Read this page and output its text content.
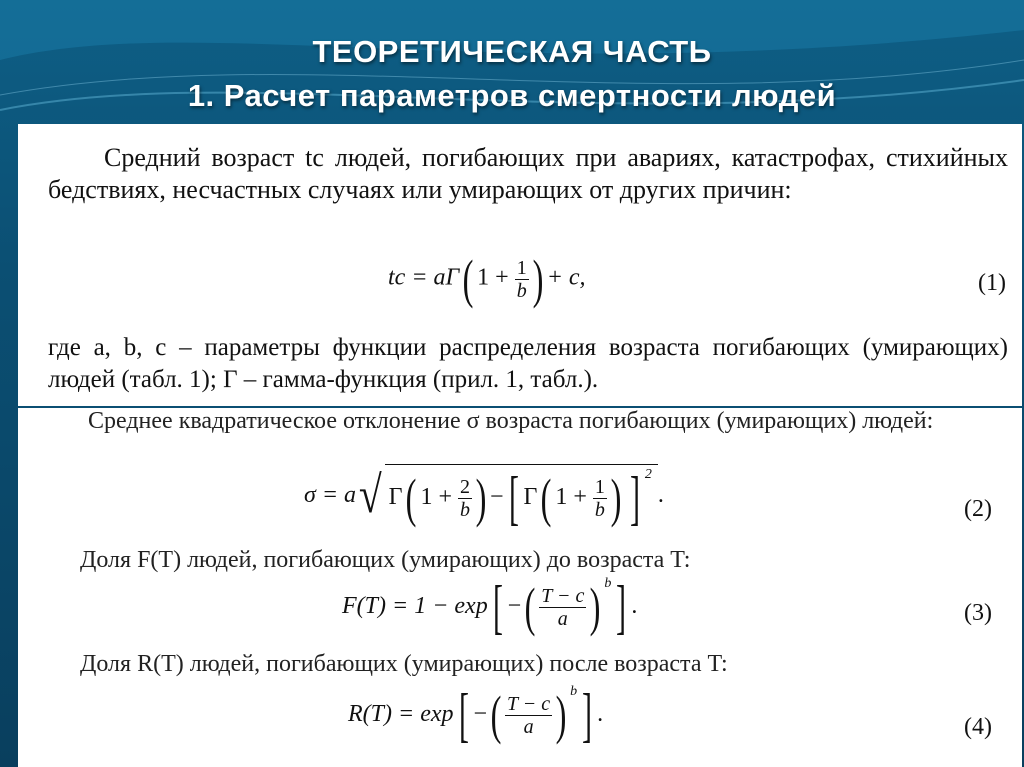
ТЕОРЕТИЧЕСКАЯ ЧАСТЬ
1. Расчет параметров смертности людей
Средний возраст tc людей, погибающих при авариях, катастрофах, стихийных бедствиях, несчастных случаях или умирающих от других причин:
tc = aΓ( $1 + \frac{1}{b}$ ) + c,	(1)
где a, b, c – параметры функции распределения возраста погибающих (умирающих) людей (табл. 1); Γ – гамма-функция (прил. 1, табл.).
Среднее квадратическое отклонение σ возраста погибающих (умирающих) людей:
σ = a√ Γ( $1 + \frac{2}{b}$ ) −[ Γ( $1 + \frac{1}{b}$ ) ] $^2$.
(2)
Доля F(T) людей, погибающих (умирающих) до возраста T:
F(T) = 1 − exp[ −( $\frac{T - c}{a}$ ) $^b$] .	(3)
Доля R(T) людей, погибающих (умирающих) после возраста T:
R(T) = exp[ −( $\frac{T - c}{a}$ ) $^b$] .	(4)
